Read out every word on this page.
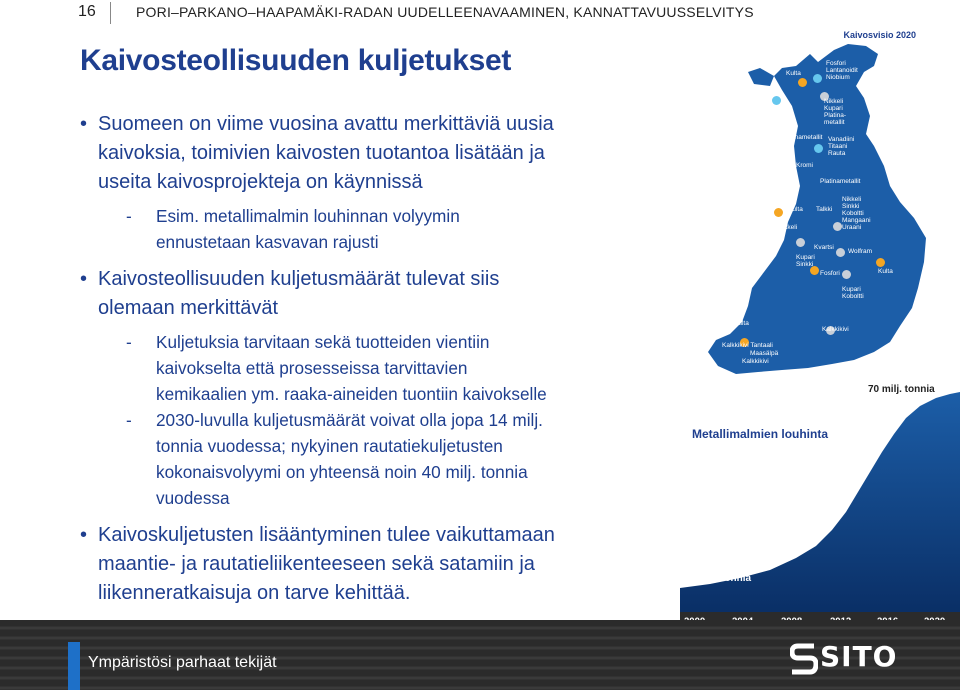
16	PORI–PARKANO–HAAPAMÄKI-RADAN UUDELLEENAVAAMINEN, KANNATTAVUUSSELVITYS
Kaivosteollisuuden kuljetukset
• Suomeen on viime vuosina avattu merkittäviä uusia
kaivoksia, toimivien kaivosten tuotantoa lisätään ja
useita kaivosprojekteja on käynnissä
- Esim. metallimalmin louhinnan volyymin
ennustetaan kasvavan rajusti
• Kaivosteollisuuden kuljetusmäärät tulevat siis
olemaan merkittävät
- Kuljetuksia tarvitaan sekä tuotteiden vientiin
kaivokselta että prosesseissa tarvittavien
kemikaalien ym. raaka-aineiden tuontiin kaivokselle
- 2030-luvulla kuljetusmäärät voivat olla jopa 14 milj.
tonnia vuodessa; nykyinen rautatiekuljetusten
kokonaisvolyymi on yhteensä noin 40 milj. tonnia
vuodessa
• Kaivoskuljetusten lisääntyminen tulee vaikuttamaan
maantie- ja rautatieliikenteeseen sekä satamiin ja
liikenneratkaisuja on tarve kehittää.
Kaivosvisio 2020
Fosfori
Lantanoidit
Niobium
Kulta
Rauta
Nikkeli
Kupari
Platina-
metallit
Platinametallit Vanadiini
Titaani
Rauta
Kromi
Platinametallit
Kulta Talkki
Nikkeli
Sinkki
Koboltti
Mangaani
Uraani
Nikkeli
Kvartsi
Litium	Kupari
Sinkki
Wolfram
Fosfori	Kulta
Kupari
Koboltti
Kulta
Kalkkikivi
Kalkkikivi Tantaali
Maasälpä
Kalkkikivi
70 milj. tonnia
Metallimalmien louhinta
4 milj. tonnia
Ympäristösi parhaat tekijät	SITO
